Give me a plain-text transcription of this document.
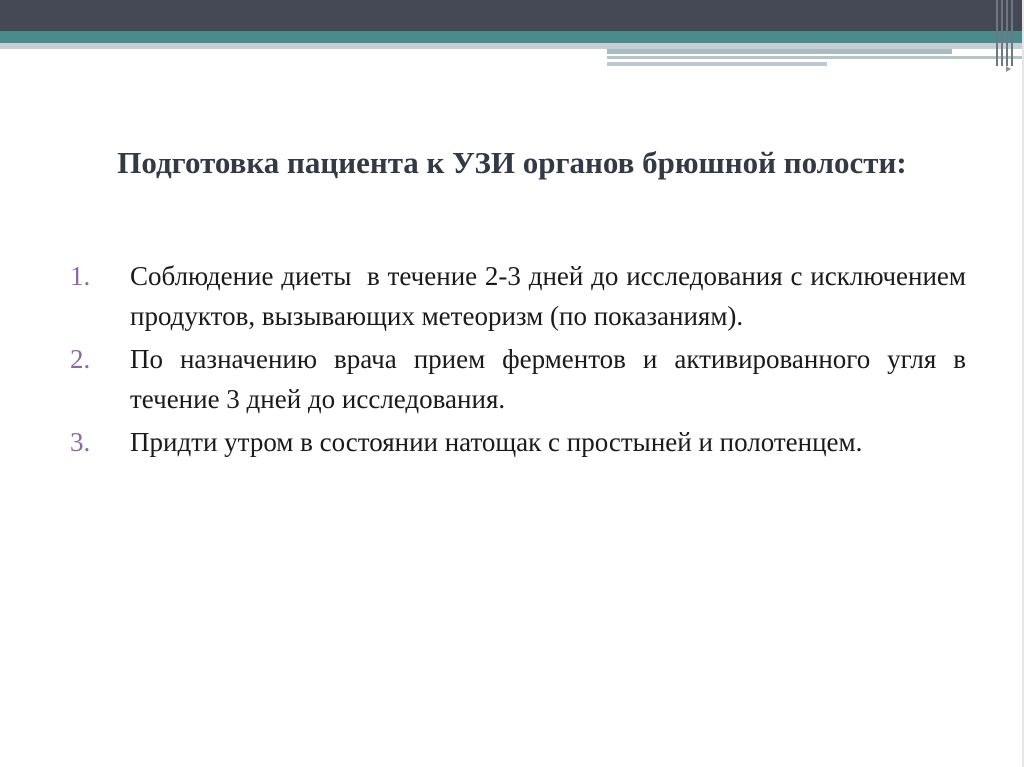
Подготовка пациента к УЗИ органов брюшной полости:
1. Соблюдение диеты  в течение 2-3 дней до исследования с исключением продуктов, вызывающих метеоризм (по показаниям).
2. По назначению врача прием ферментов и активированного угля в течение 3 дней до исследования.
3. Придти утром в состоянии натощак с простыней и полотенцем.
